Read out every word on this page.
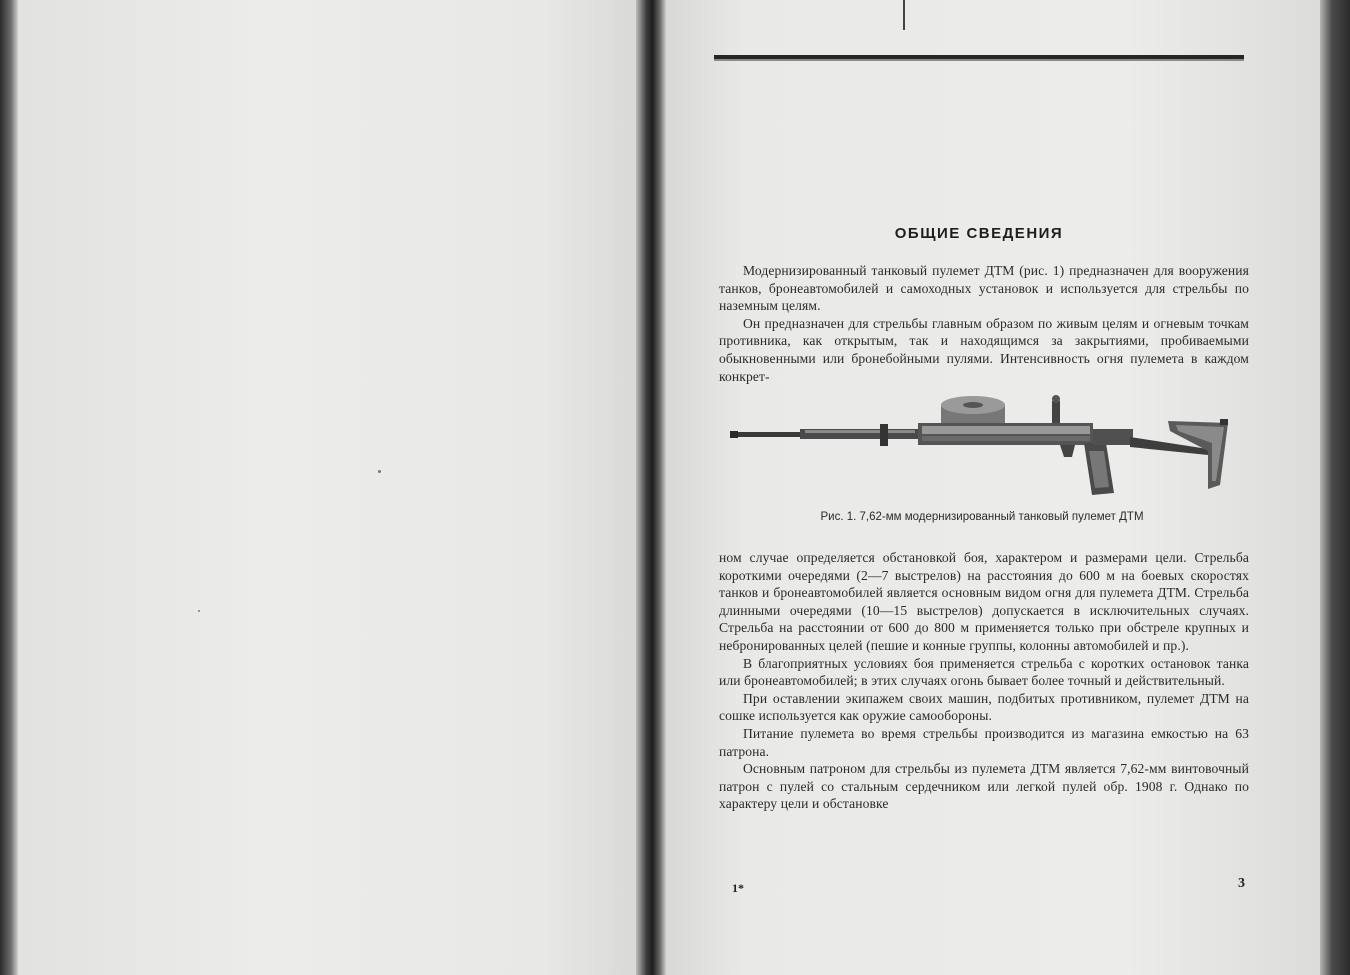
ОБЩИЕ СВЕДЕНИЯ

Модернизированный танковый пулемет ДТМ (рис. 1) предназначен для вооружения танков, бронеавтомобилей и самоходных установок и используется для стрельбы по наземным целям.

Он предназначен для стрельбы главным образом по живым целям и огневым точкам противника, как открытым, так и находящимся за закрытиями, пробиваемыми обыкновенными или бронебойными пулями. Интенсивность огня пулемета в каждом конкрет-

Рис. 1. 7,62-мм модернизированный танковый пулемет ДТМ

ном случае определяется обстановкой боя, характером и размерами цели. Стрельба короткими очередями (2—7 выстрелов) на расстояния до 600 м на боевых скоростях танков и бронеавтомобилей является основным видом огня для пулемета ДТМ. Стрельба длинными очередями (10—15 выстрелов) допускается в исключительных случаях. Стрельба на расстоянии от 600 до 800 м применяется только при обстреле крупных и небронированных целей (пешие и конные группы, колонны автомобилей и пр.).

В благоприятных условиях боя применяется стрельба с коротких остановок танка или бронеавтомобилей; в этих случаях огонь бывает более точный и действительный.

При оставлении экипажем своих машин, подбитых противником, пулемет ДТМ на сошке используется как оружие самообороны.

Питание пулемета во время стрельбы производится из магазина емкостью на 63 патрона.

Основным патроном для стрельбы из пулемета ДТМ является 7,62-мм винтовочный патрон с пулей со стальным сердечником или легкой пулей обр. 1908 г. Однако по характеру цели и обстановке

1*	3
